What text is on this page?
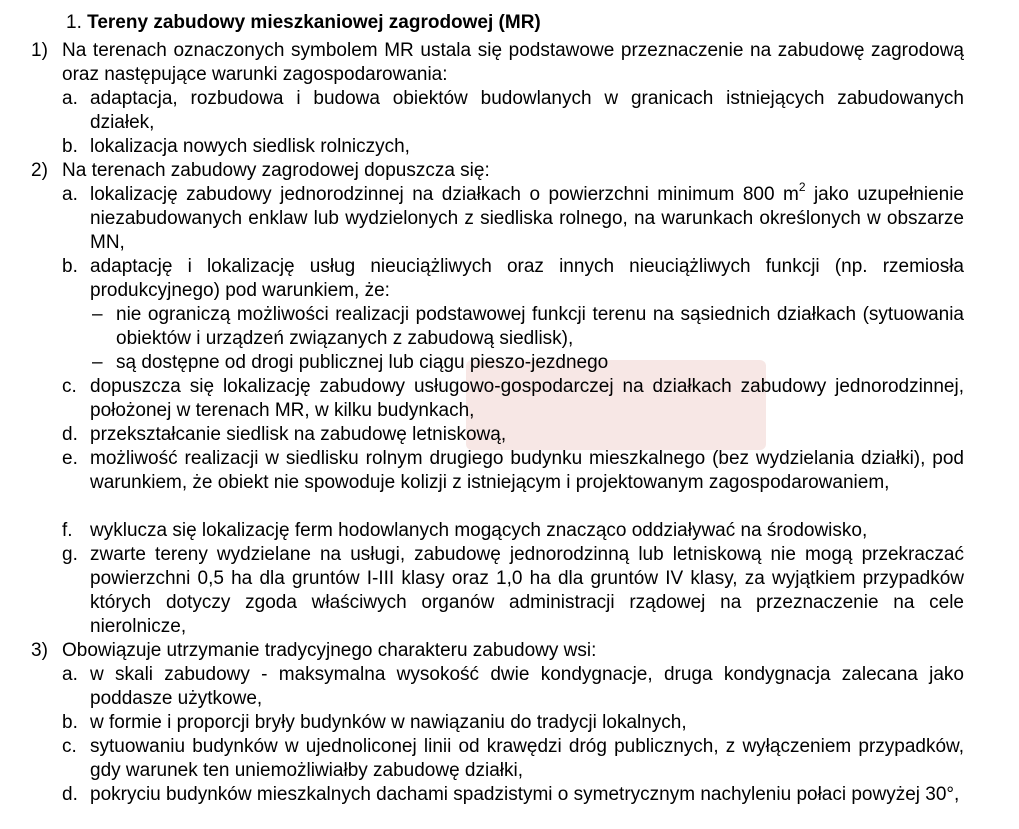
1. Tereny zabudowy mieszkaniowej zagrodowej (MR)
1) Na terenach oznaczonych symbolem MR ustala się podstawowe przeznaczenie na zabudowę zagrodową oraz następujące warunki zagospodarowania:
a. adaptacja, rozbudowa i budowa obiektów budowlanych w granicach istniejących zabudowanych działek,
b. lokalizacja nowych siedlisk rolniczych,
2) Na terenach zabudowy zagrodowej dopuszcza się:
a. lokalizację zabudowy jednorodzinnej na działkach o powierzchni minimum 800 $m^2$ jako uzupełnienie niezabudowanych enklaw lub wydzielonych z siedliska rolnego, na warunkach określonych w obszarze MN,
b. adaptację i lokalizację usług nieuciążliwych oraz innych nieuciążliwych funkcji (np. rzemiosła produkcyjnego) pod warunkiem, że:
– nie ograniczą możliwości realizacji podstawowej funkcji terenu na sąsiednich działkach (sytuowania obiektów i urządzeń związanych z zabudową siedlisk),
– są dostępne od drogi publicznej lub ciągu pieszo-jezdnego
c. dopuszcza się lokalizację zabudowy usługowo-gospodarczej na działkach zabudowy jednorodzinnej, położonej w terenach MR, w kilku budynkach,
d. przekształcanie siedlisk na zabudowę letniskową,
e. możliwość realizacji w siedlisku rolnym drugiego budynku mieszkalnego (bez wydzielania działki), pod warunkiem, że obiekt nie spowoduje kolizji z istniejącym i projektowanym zagospodarowaniem,
f. wyklucza się lokalizację ferm hodowlanych mogących znacząco oddziaływać na środowisko,
g. zwarte tereny wydzielane na usługi, zabudowę jednorodzinną lub letniskową nie mogą przekraczać powierzchni 0,5 ha dla gruntów I-III klasy oraz 1,0 ha dla gruntów IV klasy, za wyjątkiem przypadków których dotyczy zgoda właściwych organów administracji rządowej na przeznaczenie na cele nierolnicze,
3) Obowiązuje utrzymanie tradycyjnego charakteru zabudowy wsi:
a. w skali zabudowy - maksymalna wysokość dwie kondygnacje, druga kondygnacja zalecana jako poddasze użytkowe,
b. w formie i proporcji bryły budynków w nawiązaniu do tradycji lokalnych,
c. sytuowaniu budynków w ujednoliconej linii od krawędzi dróg publicznych, z wyłączeniem przypadków, gdy warunek ten uniemożliwiałby zabudowę działki,
d. pokryciu budynków mieszkalnych dachami spadzistymi o symetrycznym nachyleniu połaci powyżej 30°,
